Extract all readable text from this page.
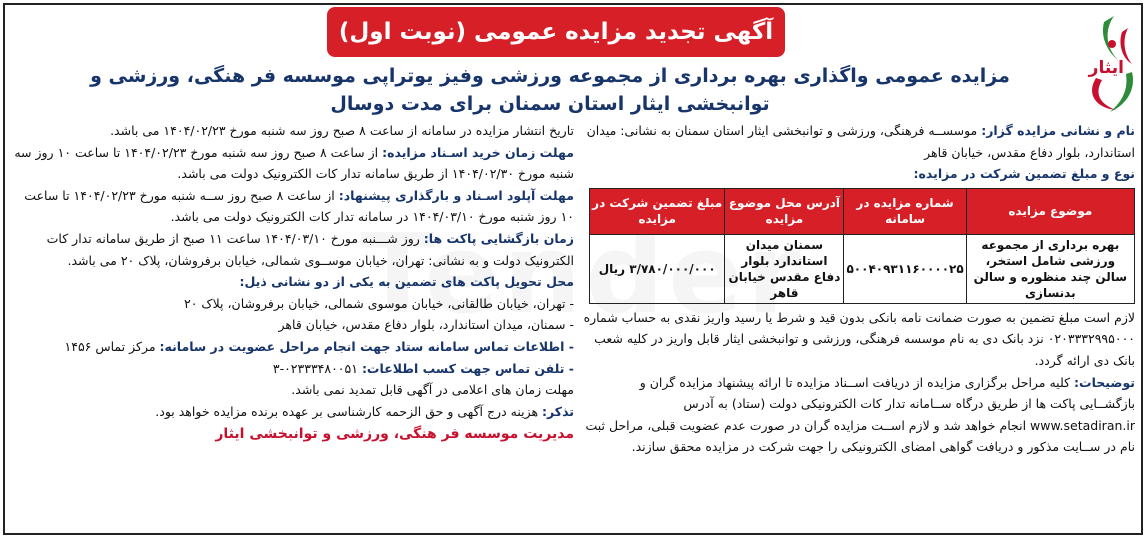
ایثار
آگهی تجدید مزایده عمومی (نوبت اول)
مزایده عمومی واگذاری بهره برداری از مجموعه ورزشی وفیز یوتراپی موسسه فر هنگی، ورزشی و توانبخشی ایثار استان سمنان برای مدت دوسال

نام و نشانی مزایده گزار: موسســه فرهنگی، ورزشی و توانبخشی ایثار استان سمنان به نشانی: میدان استاندارد، بلوار دفاع مقدس، خیابان قاهر

نوع و مبلغ تضمین شرکت در مزایده:

موضوع مزایده	شماره مزایده در سامانه	آدرس محل موضوع مزایده	مبلغ تضمین شرکت در مزایده
بهره برداری از مجموعه ورزشی شامل استخر، سالن چند منظوره و سالن بدنسازی	۵۰۰۴۰۹۳۱۱۶۰۰۰۰۲۵	سمنان میدان استاندارد بلوار دفاع مقدس خیابان قاهر	۳/۷۸۰/۰۰۰/۰۰۰ ریال

لازم است مبلغ تضمین به صورت ضمانت نامه بانکی بدون قید و شرط یا رسید واریز نقدی به حساب شماره ۰۲۰۳۳۳۲۹۹۵۰۰۰ نزد بانک دی به نام موسسه فرهنگی، ورزشی و توانبخشی ایثار قابل واریز در کلیه شعب بانک دی ارائه گردد.

توضیحات: کلیه مراحل برگزاری مزایده از دریافت اســناد مزایده تا ارائه پیشنهاد مزایده گران و بازگشــایی پاکت ها از طریق درگاه ســامانه تدار کات الکترونیکی دولت (ستاد) به آدرس www.setadiran.ir انجام خواهد شد و لازم اســت مزایده گران در صورت عدم عضویت قبلی، مراحل ثبت نام در ســایت مذکور و دریافت گواهی امضای الکترونیکی را جهت شرکت در مزایده محقق سازند.

تاریخ انتشار مزایده در سامانه از ساعت ۸ صبح روز سه شنبه مورخ ۱۴۰۴/۰۲/۲۳ می باشد.

مهلت زمان خرید اسـناد مزایده: از ساعت ۸ صبح روز سه شنبه مورخ ۱۴۰۴/۰۲/۲۳ تا ساعت ۱۰ روز سه شنبه مورخ ۱۴۰۴/۰۲/۳۰ از طریق سامانه تدار کات الکترونیک دولت می باشد.

مهلت آپلود اسـناد و بارگذاری پیشنهاد: از ساعت ۸ صبح روز ســه شنبه مورخ ۱۴۰۴/۰۲/۲۳ تا ساعت ۱۰ روز شنبه مورخ ۱۴۰۴/۰۳/۱۰ در سامانه تدار کات الکترونیک دولت می باشد.

زمان بازگشایی پاکت ها: روز شـــنبه مورخ ۱۴۰۴/۰۳/۱۰ ساعت ۱۱ صبح از طریق سامانه تدار کات الکترونیک دولت و به نشانی: تهران، خیابان موســوی شمالی، خیابان برفروشان، پلاک ۲۰ می باشد.

محل تحویل پاکت های تضمین به یکی از دو نشانی ذیل:

- تهران، خیابان طالقانی، خیابان موسوی شمالی، خیابان برفروشان، پلاک ۲۰

- سمنان، میدان استاندارد، بلوار دفاع مقدس، خیابان قاهر

- اطلاعات تماس سامانه ستاد جهت انجام مراحل عضویت در سامانه: مرکز تماس ۱۴۵۶

- تلفن تماس جهت کسب اطلاعات: ۰۲۳۳۳۴۸۰۰۵۱-۳

مهلت زمان های اعلامی در آگهی قابل تمدید نمی باشد.

تذکر: هزینه درج آگهی و حق الزحمه کارشناسی بر عهده برنده مزایده خواهد بود.

مدیریت موسسه فر هنگی، ورزشی و توانبخشی ایثار
